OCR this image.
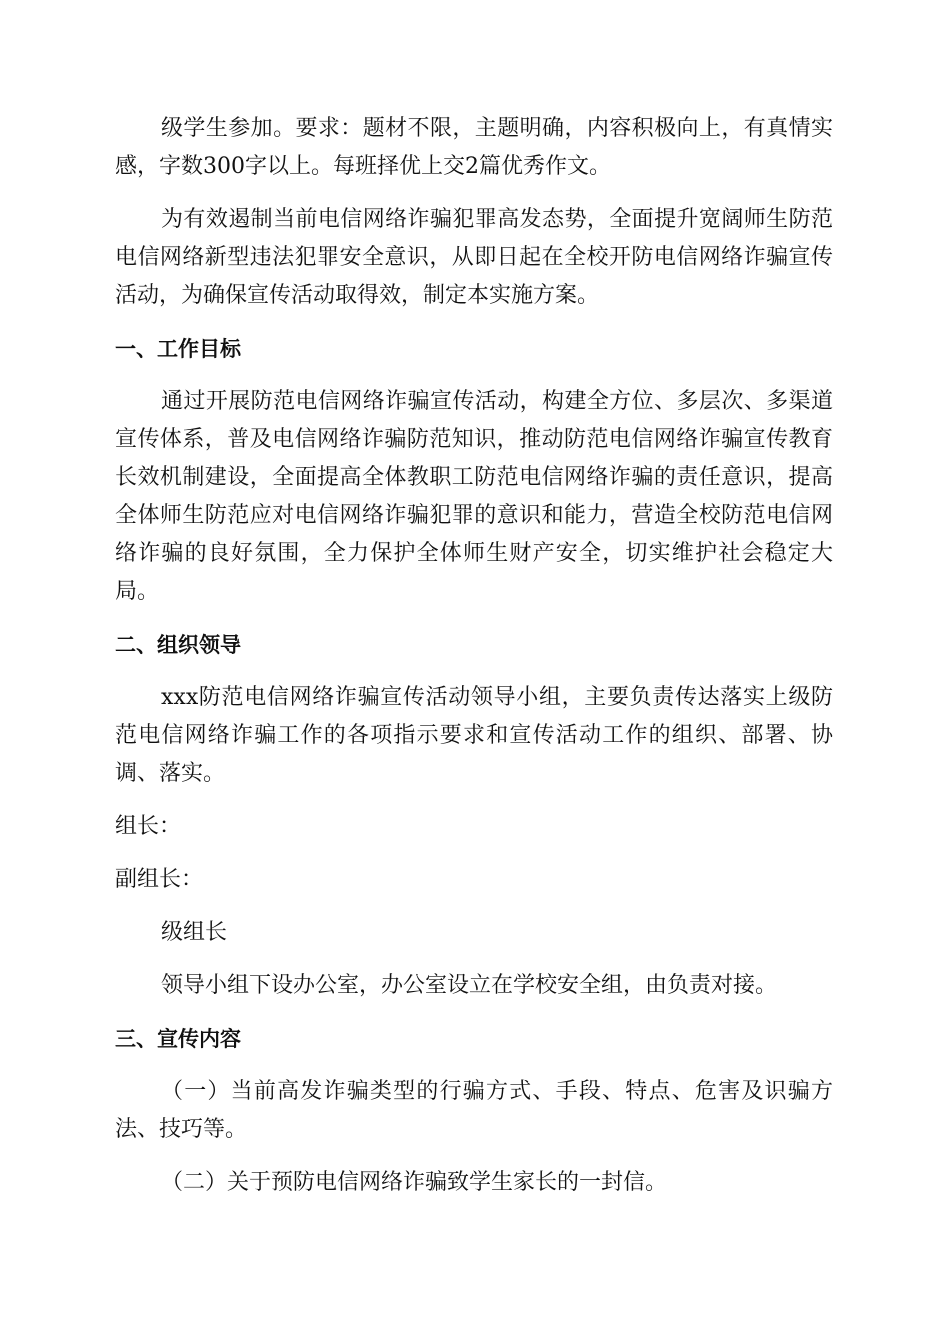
级学生参加。要求：题材不限，主题明确，内容积极向上，有真情实感，字数300字以上。每班择优上交2篇优秀作文。

为有效遏制当前电信网络诈骗犯罪高发态势，全面提升宽阔师生防范电信网络新型违法犯罪安全意识，从即日起在全校开防电信网络诈骗宣传活动，为确保宣传活动取得效，制定本实施方案。

一、工作目标

通过开展防范电信网络诈骗宣传活动，构建全方位、多层次、多渠道宣传体系，普及电信网络诈骗防范知识，推动防范电信网络诈骗宣传教育长效机制建设，全面提高全体教职工防范电信网络诈骗的责任意识，提高全体师生防范应对电信网络诈骗犯罪的意识和能力，营造全校防范电信网络诈骗的良好氛围，全力保护全体师生财产安全，切实维护社会稳定大局。

二、组织领导

xxx防范电信网络诈骗宣传活动领导小组，主要负责传达落实上级防范电信网络诈骗工作的各项指示要求和宣传活动工作的组织、部署、协调、落实。

组长：

副组长：

级组长

领导小组下设办公室，办公室设立在学校安全组，由负责对接。

三、宣传内容

（一）当前高发诈骗类型的行骗方式、手段、特点、危害及识骗方法、技巧等。

（二）关于预防电信网络诈骗致学生家长的一封信。
